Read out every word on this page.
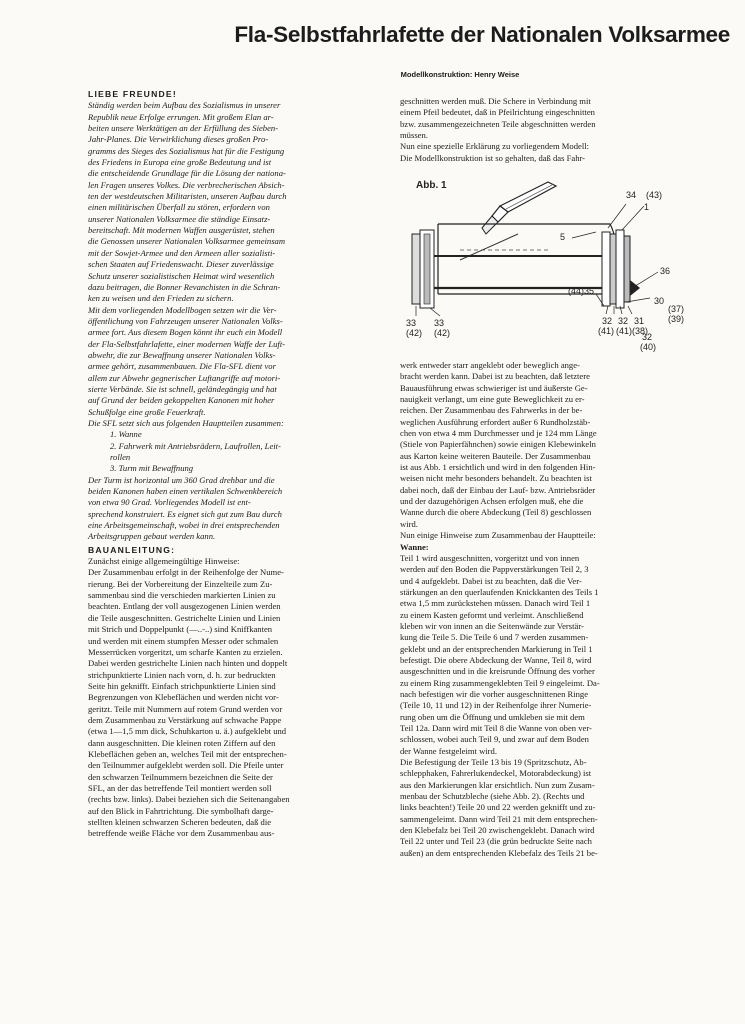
Fla-Selbstfahrlafette der Nationalen Volksarmee
Modellkonstruktion: Henry Weise
LIEBE FREUNDE!

Ständig werden beim Aufbau des Sozialismus in unserer

Republik neue Erfolge errungen. Mit großem Elan ar-

beiten unsere Werktätigen an der Erfüllung des Sieben-

Jahr-Planes. Die Verwirklichung dieses großen Pro-

gramms des Sieges des Sozialismus hat für die Festigung

des Friedens in Europa eine große Bedeutung und ist

die entscheidende Grundlage für die Lösung der nationa-

len Fragen unseres Volkes. Die verbrecherischen Absich-

ten der westdeutschen Militaristen, unseren Aufbau durch

einen militärischen Überfall zu stören, erfordern von

unserer Nationalen Volksarmee die ständige Einsatz-

bereitschaft. Mit modernen Waffen ausgerüstet, stehen

die Genossen unserer Nationalen Volksarmee gemeinsam

mit der Sowjet-Armee und den Armeen aller sozialisti-

schen Staaten auf Friedenswacht. Dieser zuverlässige

Schutz unserer sozialistischen Heimat wird wesentlich

dazu beitragen, die Bonner Revanchisten in die Schran-

ken zu weisen und den Frieden zu sichern.

Mit dem vorliegenden Modellbogen setzen wir die Ver-

öffentlichung von Fahrzeugen unserer Nationalen Volks-

armee fort. Aus diesem Bogen könnt ihr euch ein Modell

der Fla-Selbstfahrlafette, einer modernen Waffe der Luft-

abwehr, die zur Bewaffnung unserer Nationalen Volks-

armee gehört, zusammenbauen. Die Fla-SFL dient vor

allem zur Abwehr gegnerischer Luftangriffe auf motori-

sierte Verbände. Sie ist schnell, geländegängig und hat

auf Grund der beiden gekoppelten Kanonen mit hoher

Schußfolge eine große Feuerkraft.

Die SFL setzt sich aus folgenden Hauptteilen zusammen:

1. Wanne

2. Fahrwerk mit Antriebsrädern, Laufrollen, Leit-

rollen

3. Turm mit Bewaffnung

Der Turm ist horizontal um 360 Grad drehbar und die

beiden Kanonen haben einen vertikalen Schwenkbereich

von etwa 90 Grad. Vorliegendes Modell ist ent-

sprechend konstruiert. Es eignet sich gut zum Bau durch

eine Arbeitsgemeinschaft, wobei in drei entsprechenden

Arbeitsgruppen gebaut werden kann.

BAUANLEITUNG:

Zunächst einige allgemeingültige Hinweise:

Der Zusammenbau erfolgt in der Reihenfolge der Nume-

rierung. Bei der Vorbereitung der Einzelteile zum Zu-

sammenbau sind die verschieden markierten Linien zu

beachten. Entlang der voll ausgezogenen Linien werden

die Teile ausgeschnitten. Gestrichelte Linien und Linien

mit Strich und Doppelpunkt (—..-..) sind Kniffkanten

und werden mit einem stumpfen Messer oder schmalen

Messerrücken vorgeritzt, um scharfe Kanten zu erzielen.

Dabei werden gestrichelte Linien nach hinten und doppelt

strichpunktierte Linien nach vorn, d. h. zur bedruckten

Seite hin geknifft. Einfach strichpunktierte Linien sind

Begrenzungen von Klebeflächen und werden nicht vor-

geritzt. Teile mit Nummern auf rotem Grund werden vor

dem Zusammenbau zu Verstärkung auf schwache Pappe

(etwa 1—1,5 mm dick, Schuhkarton u. ä.) aufgeklebt und

dann ausgeschnitten. Die kleinen roten Ziffern auf den

Klebeflächen geben an, welches Teil mit der entsprechen-

den Teilnummer aufgeklebt werden soll. Die Pfeile unter

den schwarzen Teilnummern bezeichnen die Seite der

SFL, an der das betreffende Teil montiert werden soll

(rechts bzw. links). Dabei beziehen sich die Seitenangaben

auf den Blick in Fahrtrichtung. Die symbolhaft darge-

stellten kleinen schwarzen Scheren bedeuten, daß die

betreffende weiße Fläche vor dem Zusammenbau aus-

geschnitten werden muß. Die Schere in Verbindung mit

einem Pfeil bedeutet, daß in Pfeilrichtung eingeschnitten

bzw. zusammengezeichneten Teile abgeschnitten werden

müssen.

Nun eine spezielle Erklärung zu vorliegendem Modell:

Die Modellkonstruktion ist so gehalten, daß das Fahr-

Abb. 1
34 (43)
5
1
36
30
(37)
(39)
(44) 35
32
(41)
32
(41)
31
(38)
32
(40)
33
(42)
33
(42)

werk entweder starr angeklebt oder beweglich ange-

bracht werden kann. Dabei ist zu beachten, daß letztere

Bauausführung etwas schwieriger ist und äußerste Ge-

nauigkeit verlangt, um eine gute Beweglichkeit zu er-

reichen. Der Zusammenbau des Fahrwerks in der be-

weglichen Ausführung erfordert außer 6 Rundholzstäb-

chen von etwa 4 mm Durchmesser und je 124 mm Länge

(Stiele von Papierfähnchen) sowie einigen Klebewinkeln

aus Karton keine weiteren Bauteile. Der Zusammenbau

ist aus Abb. 1 ersichtlich und wird in den folgenden Hin-

weisen nicht mehr besonders behandelt. Zu beachten ist

dabei noch, daß der Einbau der Lauf- bzw. Antriebsräder

und der dazugehörigen Achsen erfolgen muß, ehe die

Wanne durch die obere Abdeckung (Teil 8) geschlossen

wird.

Nun einige Hinweise zum Zusammenbau der Hauptteile:

Wanne:

Teil 1 wird ausgeschnitten, vorgeritzt und von innen

werden auf den Boden die Pappverstärkungen Teil 2, 3

und 4 aufgeklebt. Dabei ist zu beachten, daß die Ver-

stärkungen an den querlaufenden Knickkanten des Teils 1

etwa 1,5 mm zurückstehen müssen. Danach wird Teil 1

zu einem Kasten geformt und verleimt. Anschließend

kleben wir von innen an die Seitenwände zur Verstär-

kung die Teile 5. Die Teile 6 und 7 werden zusammen-

geklebt und an der entsprechenden Markierung in Teil 1

befestigt. Die obere Abdeckung der Wanne, Teil 8, wird

ausgeschnitten und in die kreisrunde Öffnung des vorher

zu einem Ring zusammengeklebten Teil 9 eingeleimt. Da-

nach befestigen wir die vorher ausgeschnittenen Ringe

(Teile 10, 11 und 12) in der Reihenfolge ihrer Numerie-

rung oben um die Öffnung und umkleben sie mit dem

Teil 12a. Dann wird mit Teil 8 die Wanne von oben ver-

schlossen, wobei auch Teil 9, und zwar auf dem Boden

der Wanne festgeleimt wird.

Die Befestigung der Teile 13 bis 19 (Spritzschutz, Ab-

schlepphaken, Fahrerlukendeckel, Motorabdeckung) ist

aus den Markierungen klar ersichtlich. Nun zum Zusam-

menbau der Schutzbleche (siehe Abb. 2). (Rechts und

links beachten!) Teile 20 und 22 werden geknifft und zu-

sammengeleimt. Dann wird Teil 21 mit dem entsprechen-

den Klebefalz bei Teil 20 zwischengeklebt. Danach wird

Teil 22 unter und Teil 23 (die grün bedruckte Seite nach

außen) an dem entsprechenden Klebefalz des Teils 21 be-
